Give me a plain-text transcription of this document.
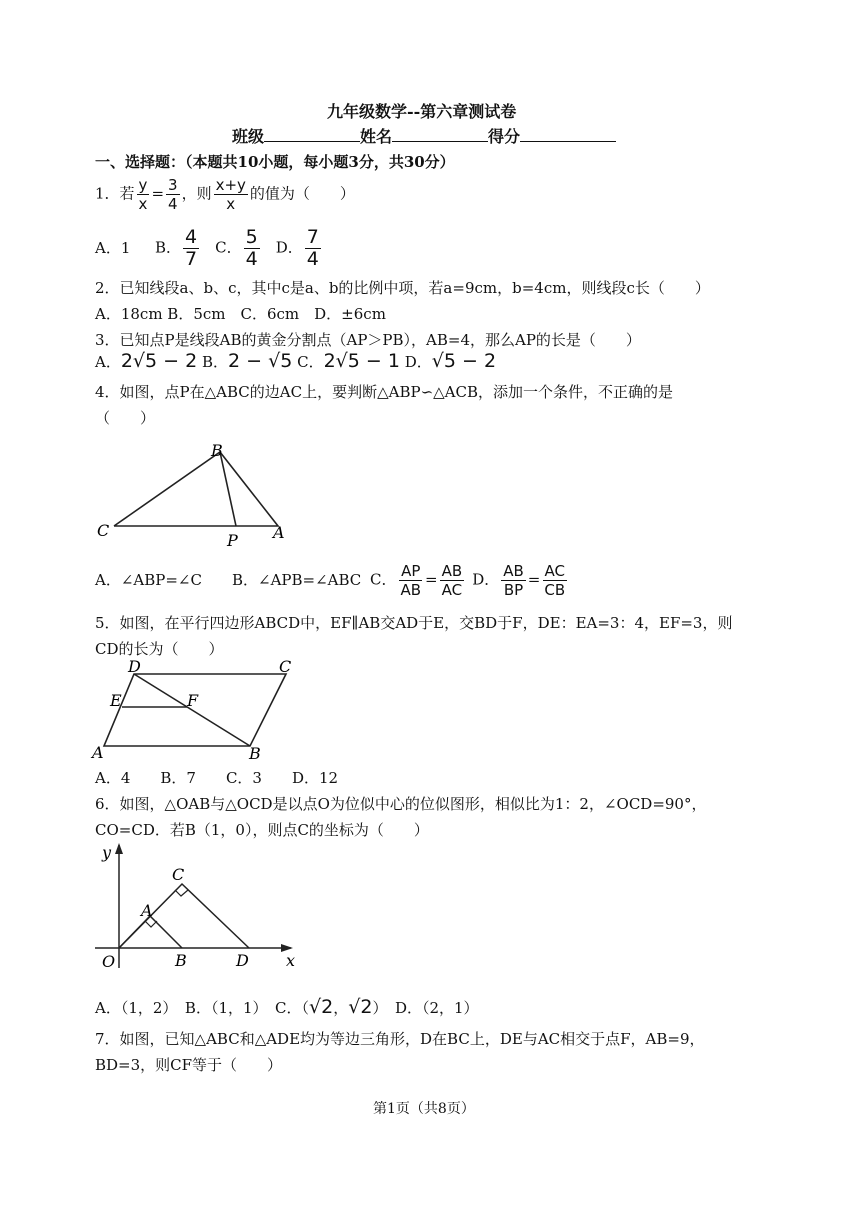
九年级数学--第六章测试卷
班级	姓名	得分
一、选择题：（本题共10小题，每小题3分，共30分）
1．若 $\frac{y}{x} = \frac{3}{4}$ ，则 $\frac{x+y}{x}$ 的值为（　　）
A．1 B． $\frac{4}{7}$ C． $\frac{5}{4}$ D． $\frac{7}{4}$
2．已知线段a、b、c，其中c是a、b的比例中项，若a=9cm，b=4cm，则线段c长（　　）
A．18cm B．5cm　C．6cm　D．±6cm
3．已知点P是线段AB的黄金分割点（AP＞PB），AB=4，那么AP的长是（　　）
A．2√5 − 2 B．2 − √5 C．2√5 − 1 D．√5 − 2
4．如图，点P在△ABC的边AC上，要判断△ABP∽△ACB，添加一个条件，不正确的是
（　　）
B
C
P A
A．∠ABP=∠C B．∠APB=∠ABC C． $\frac{AP}{AB} = \frac{AB}{AC}$ D． $\frac{AB}{BP} = \frac{AC}{CB}$
5．如图，在平行四边形ABCD中，EF∥AB交AD于E，交BD于F，DE：EA=3：4，EF=3，则
CD的长为（　　）
D	C
E	F
A	B
A．4　　B．7　　C．3　　D．12
6．如图，△OAB与△OCD是以点O为位似中心的位似图形，相似比为1：2，∠OCD=90°，
CO=CD．若B（1，0），则点C的坐标为（　　）
y
x
O
A
B
C
D
A．（1，2）　B．（1，1）　C．（√2，√2）　D．（2，1）
7．如图，已知△ABC和△ADE均为等边三角形，D在BC上，DE与AC相交于点F，AB=9，
BD=3，则CF等于（　　）
第1页（共8页）
